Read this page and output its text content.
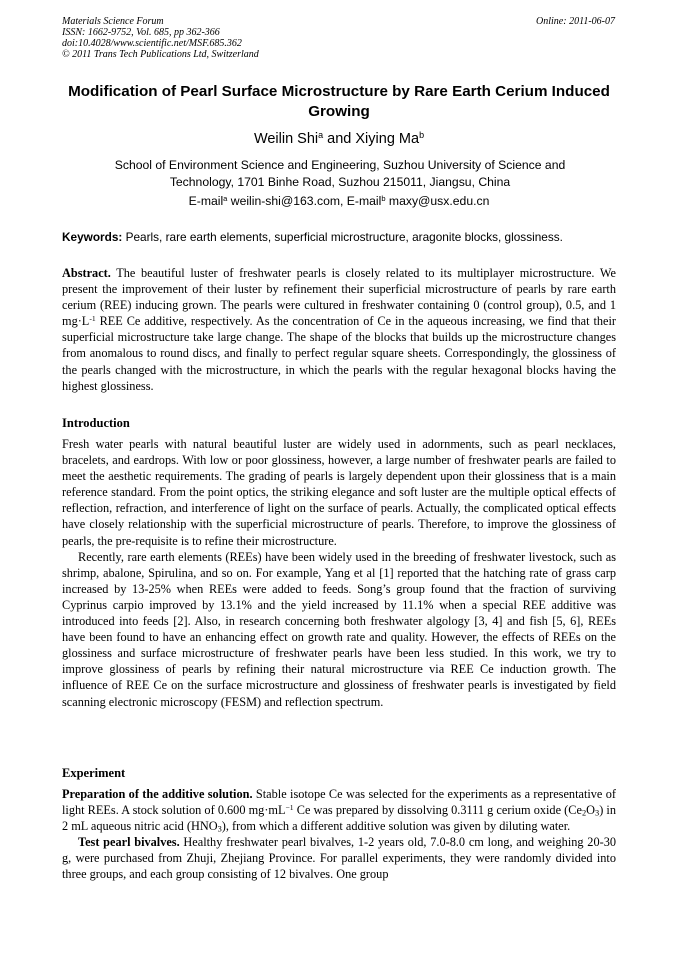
Materials Science Forum
ISSN: 1662-9752, Vol. 685, pp 362-366
doi:10.4028/www.scientific.net/MSF.685.362
© 2011 Trans Tech Publications Ltd, Switzerland
Online: 2011-06-07
Modification of Pearl Surface Microstructure by Rare Earth Cerium Induced Growing
Weilin Shi$^a$ and Xiying Ma$^b$
School of Environment Science and Engineering, Suzhou University of Science and Technology, 1701 Binhe Road, Suzhou 215011, Jiangsu, China
E-mail$^a$ weilin-shi@163.com, E-mail$^b$ maxy@usx.edu.cn
Keywords: Pearls, rare earth elements, superficial microstructure, aragonite blocks, glossiness.
Abstract. The beautiful luster of freshwater pearls is closely related to its multiplayer microstructure. We present the improvement of their luster by refinement their superficial microstructure of pearls by rare earth cerium (REE) inducing grown. The pearls were cultured in freshwater containing 0 (control group), 0.5, and 1 $mg\cdot L^{-1}$ REE Ce additive, respectively. As the concentration of Ce in the aqueous increasing, we find that their superficial microstructure take large change. The shape of the blocks that builds up the microstructure changes from anomalous to round discs, and finally to perfect regular square sheets. Correspondingly, the glossiness of the pearls changed with the microstructure, in which the pearls with the regular hexagonal blocks having the highest glossiness.
Introduction
Fresh water pearls with natural beautiful luster are widely used in adornments, such as pearl necklaces, bracelets, and eardrops. With low or poor glossiness, however, a large number of freshwater pearls are failed to meet the aesthetic requirements. The grading of pearls is largely dependent upon their glossiness that is a main reference standard. From the point optics, the striking elegance and soft luster are the multiple optical effects of reflection, refraction, and interference of light on the surface of pearls. Actually, the complicated optical effects have closely relationship with the superficial microstructure of pearls. Therefore, to improve the glossiness of pearls, the pre-requisite is to refine their microstructure.
Recently, rare earth elements (REEs) have been widely used in the breeding of freshwater livestock, such as shrimp, abalone, Spirulina, and so on. For example, Yang et al [1] reported that the hatching rate of grass carp increased by 13-25% when REEs were added to feeds. Song’s group found that the fraction of surviving Cyprinus carpio improved by 13.1% and the yield increased by 11.1% when a special REE additive was introduced into feeds [2]. Also, in research concerning both freshwater algology [3, 4] and fish [5, 6], REEs have been found to have an enhancing effect on growth rate and quality. However, the effects of REEs on the glossiness and surface microstructure of freshwater pearls have been less studied. In this work, we try to improve glossiness of pearls by refining their natural microstructure via REE Ce induction growth. The influence of REE Ce on the surface microstructure and glossiness of freshwater pearls is investigated by field scanning electronic microscopy (FESM) and reflection spectrum.
Experiment
Preparation of the additive solution. Stable isotope Ce was selected for the experiments as a representative of light REEs. A stock solution of 0.600 $mg\cdot mL^{-1}$ Ce was prepared by dissolving 0.3111 g cerium oxide $(Ce_2O_3)$ in 2 mL aqueous nitric acid $(HNO_3)$, from which a different additive solution was given by diluting water.
Test pearl bivalves. Healthy freshwater pearl bivalves, 1-2 years old, 7.0-8.0 cm long, and weighing 20-30 g, were purchased from Zhuji, Zhejiang Province. For parallel experiments, they were randomly divided into three groups, and each group consisting of 12 bivalves. One group
